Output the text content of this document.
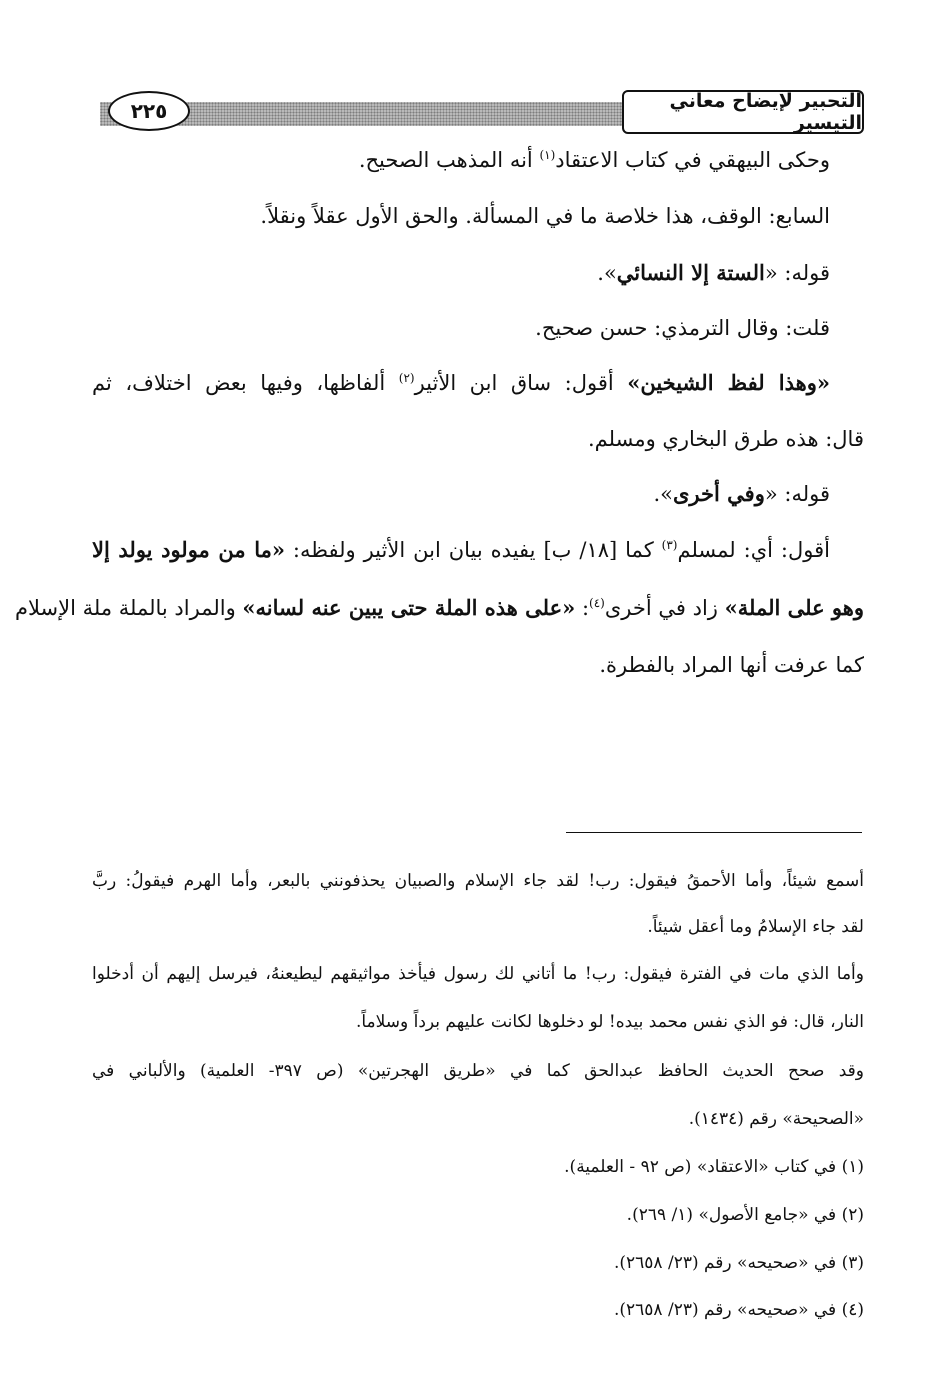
٢٢٥	التحبير لإيضاح معاني التيسير
وحكى البيهقي في كتاب الاعتقاد$^{(١)}$ أنه المذهب الصحيح.
السابع: الوقف، هذا خلاصة ما في المسألة. والحق الأول عقلاً ونقلاً.
قوله: «الستة إلا النسائي».
قلت: وقال الترمذي: حسن صحيح.
«وهذا لفظ الشيخين» أقول: ساق ابن الأثير$^{(٢)}$ ألفاظها، وفيها بعض اختلاف، ثم
قال: هذه طرق البخاري ومسلم.
قوله: «وفي أخرى».
أقول: أي: لمسلم$^{(٣)}$ كما [١٨/ ب] يفيده بيان ابن الأثير ولفظه: «ما من مولود يولد إلا
وهو على الملة» زاد في أخرى$^{(٤)}$: «على هذه الملة حتى يبين عنه لسانه» والمراد بالملة ملة الإسلام
كما عرفت أنها المراد بالفطرة.
أسمع شيئاً، وأما الأحمقُ فيقول: رب! لقد جاء الإسلام والصبيان يحذفونني بالبعر، وأما الهرم فيقولُ: ربَّ
لقد جاء الإسلامُ وما أعقل شيئاً.
وأما الذي مات في الفترة فيقول: رب! ما أتاني لك رسول فيأخذ مواثيقهم ليطيعنهُ، فيرسل إليهم أن أدخلوا
النار، قال: فو الذي نفس محمد بيده! لو دخلوها لكانت عليهم برداً وسلاماً.
وقد صحح الحديث الحافظ عبدالحق كما في «طريق الهجرتين» (ص ٣٩٧- العلمية) والألباني في
«الصحيحة» رقم (١٤٣٤).
(١) في كتاب «الاعتقاد» (ص ٩٢ - العلمية).
(٢) في «جامع الأصول» (١/ ٢٦٩).
(٣) في «صحيحه» رقم (٢٣/ ٢٦٥٨).
(٤) في «صحيحه» رقم (٢٣/ ٢٦٥٨).
